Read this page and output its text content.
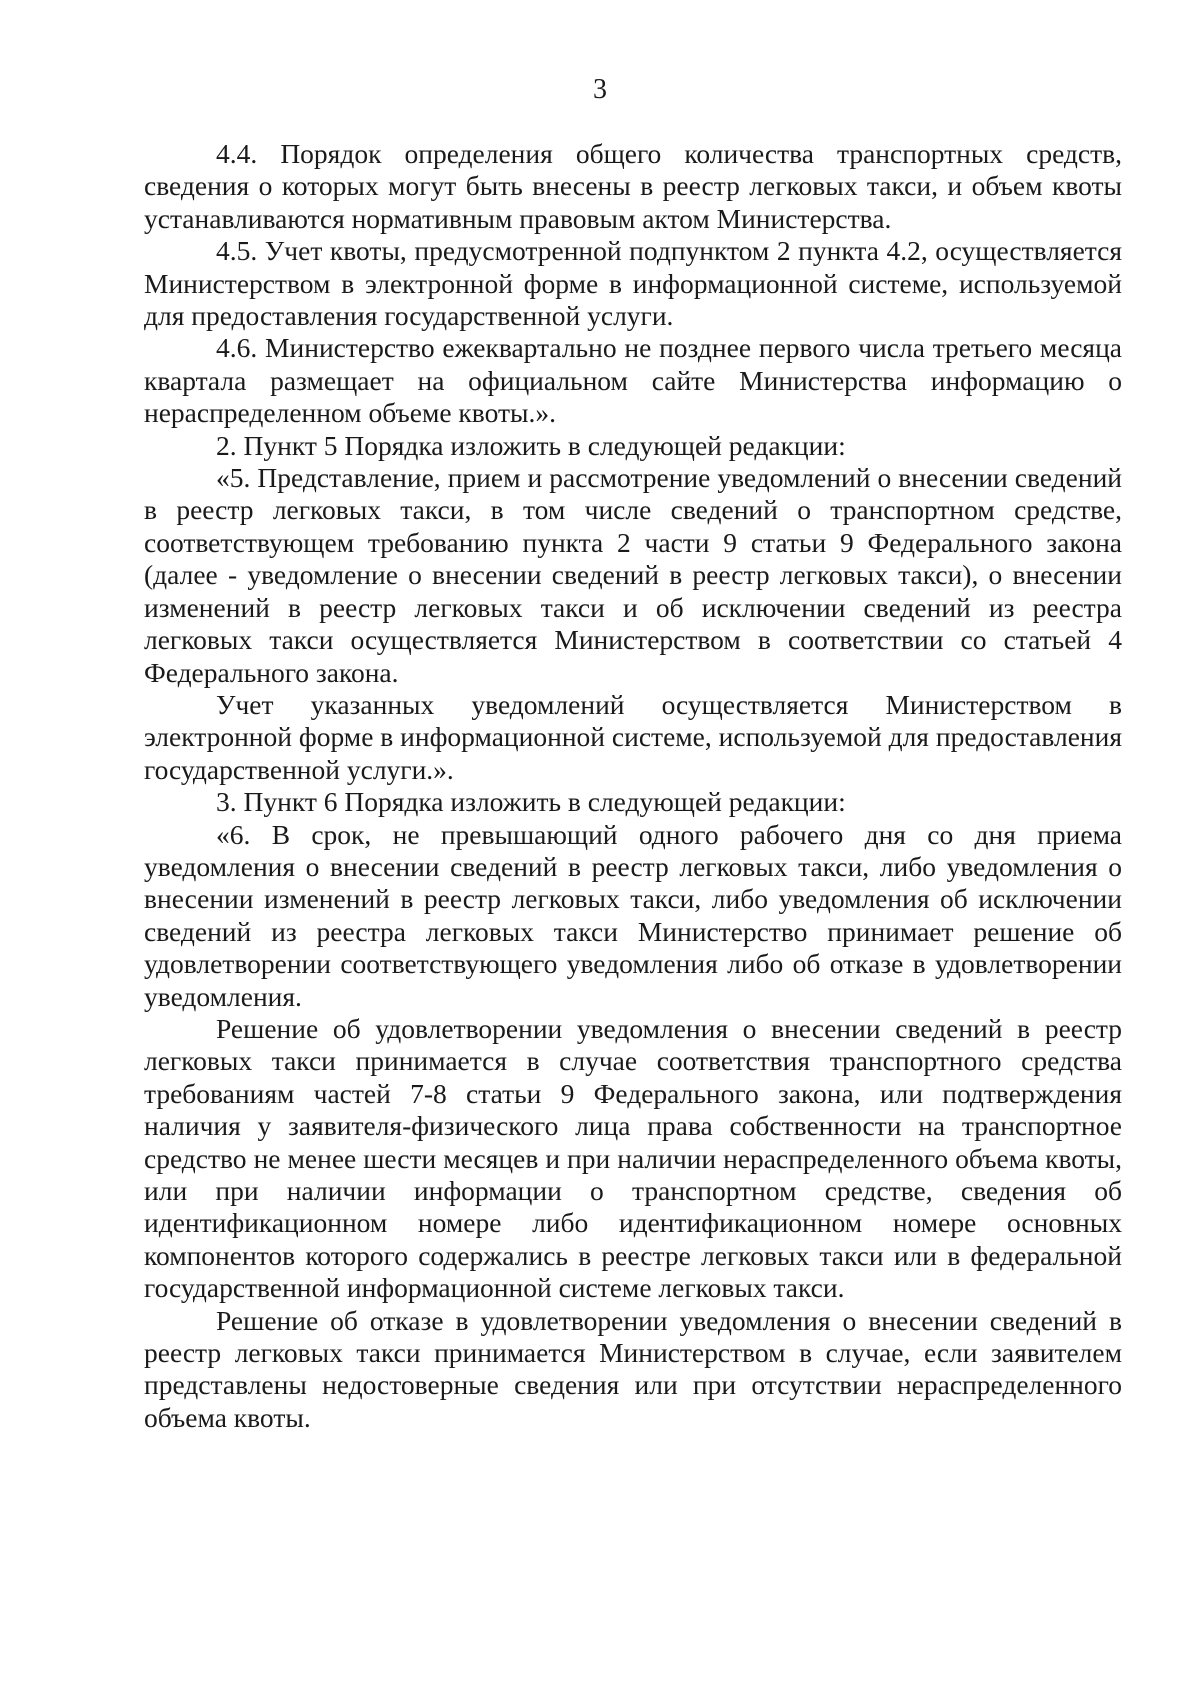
3

4.4. Порядок определения общего количества транспортных средств, сведения о которых могут быть внесены в реестр легковых такси, и объем квоты устанавливаются нормативным правовым актом Министерства.

4.5. Учет квоты, предусмотренной подпунктом 2 пункта 4.2, осуществляется Министерством в электронной форме в информационной системе, используемой для предоставления государственной услуги.

4.6. Министерство ежеквартально не позднее первого числа третьего месяца квартала размещает на официальном сайте Министерства информацию о нераспределенном объеме квоты.».

2. Пункт 5 Порядка изложить в следующей редакции:

«5. Представление, прием и рассмотрение уведомлений о внесении сведений в реестр легковых такси, в том числе сведений о транспортном средстве, соответствующем требованию пункта 2 части 9 статьи 9 Федерального закона (далее - уведомление о внесении сведений в реестр легковых такси), о внесении изменений в реестр легковых такси и об исключении сведений из реестра легковых такси осуществляется Министерством в соответствии со статьей 4 Федерального закона.

Учет указанных уведомлений осуществляется Министерством в электронной форме в информационной системе, используемой для предоставления государственной услуги.».

3. Пункт 6 Порядка изложить в следующей редакции:

«6. В срок, не превышающий одного рабочего дня со дня приема уведомления о внесении сведений в реестр легковых такси, либо уведомления о внесении изменений в реестр легковых такси, либо уведомления об исключении сведений из реестра легковых такси Министерство принимает решение об удовлетворении соответствующего уведомления либо об отказе в удовлетворении уведомления.

Решение об удовлетворении уведомления о внесении сведений в реестр легковых такси принимается в случае соответствия транспортного средства требованиям частей 7-8 статьи 9 Федерального закона, или подтверждения наличия у заявителя-физического лица права собственности на транспортное средство не менее шести месяцев и при наличии нераспределенного объема квоты, или при наличии информации о транспортном средстве, сведения об идентификационном номере либо идентификационном номере основных компонентов которого содержались в реестре легковых такси или в федеральной государственной информационной системе легковых такси.

Решение об отказе в удовлетворении уведомления о внесении сведений в реестр легковых такси принимается Министерством в случае, если заявителем представлены недостоверные сведения или при отсутствии нераспределенного объема квоты.
